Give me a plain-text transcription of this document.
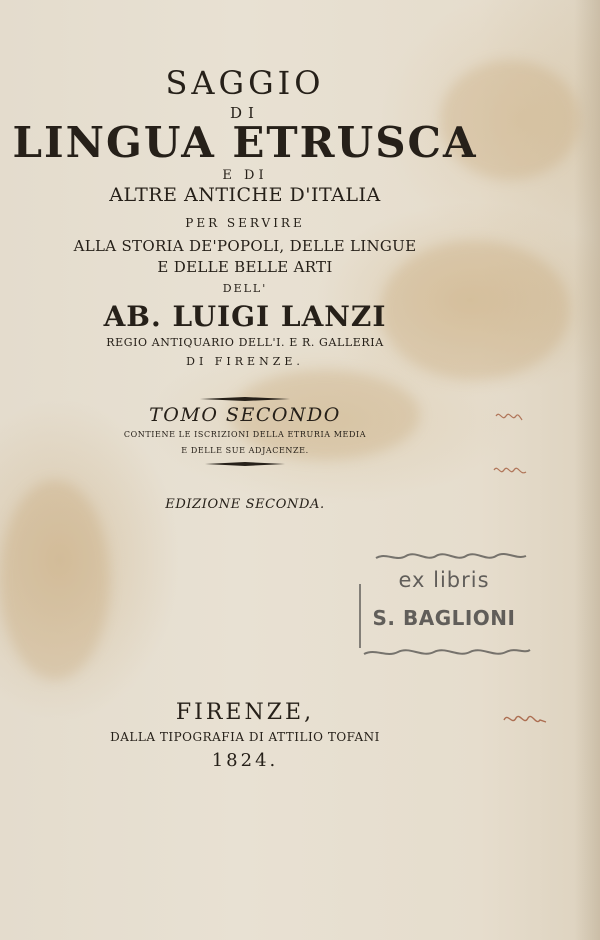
SAGGIO
DI
LINGUA ETRUSCA
E DI
ALTRE ANTICHE D'ITALIA
PER SERVIRE
ALLA STORIA DE'POPOLI, DELLE LINGUE
E DELLE BELLE ARTI
DELL'
AB. LUIGI LANZI
REGIO ANTIQUARIO DELL'I. E R. GALLERIA
DI FIRENZE.
TOMO SECONDO
CONTIENE LE ISCRIZIONI DELLA ETRURIA MEDIA
E DELLE SUE ADJACENZE.
EDIZIONE SECONDA.
ex libris
S. BAGLIONI
FIRENZE,
DALLA TIPOGRAFIA DI ATTILIO TOFANI
1824.
